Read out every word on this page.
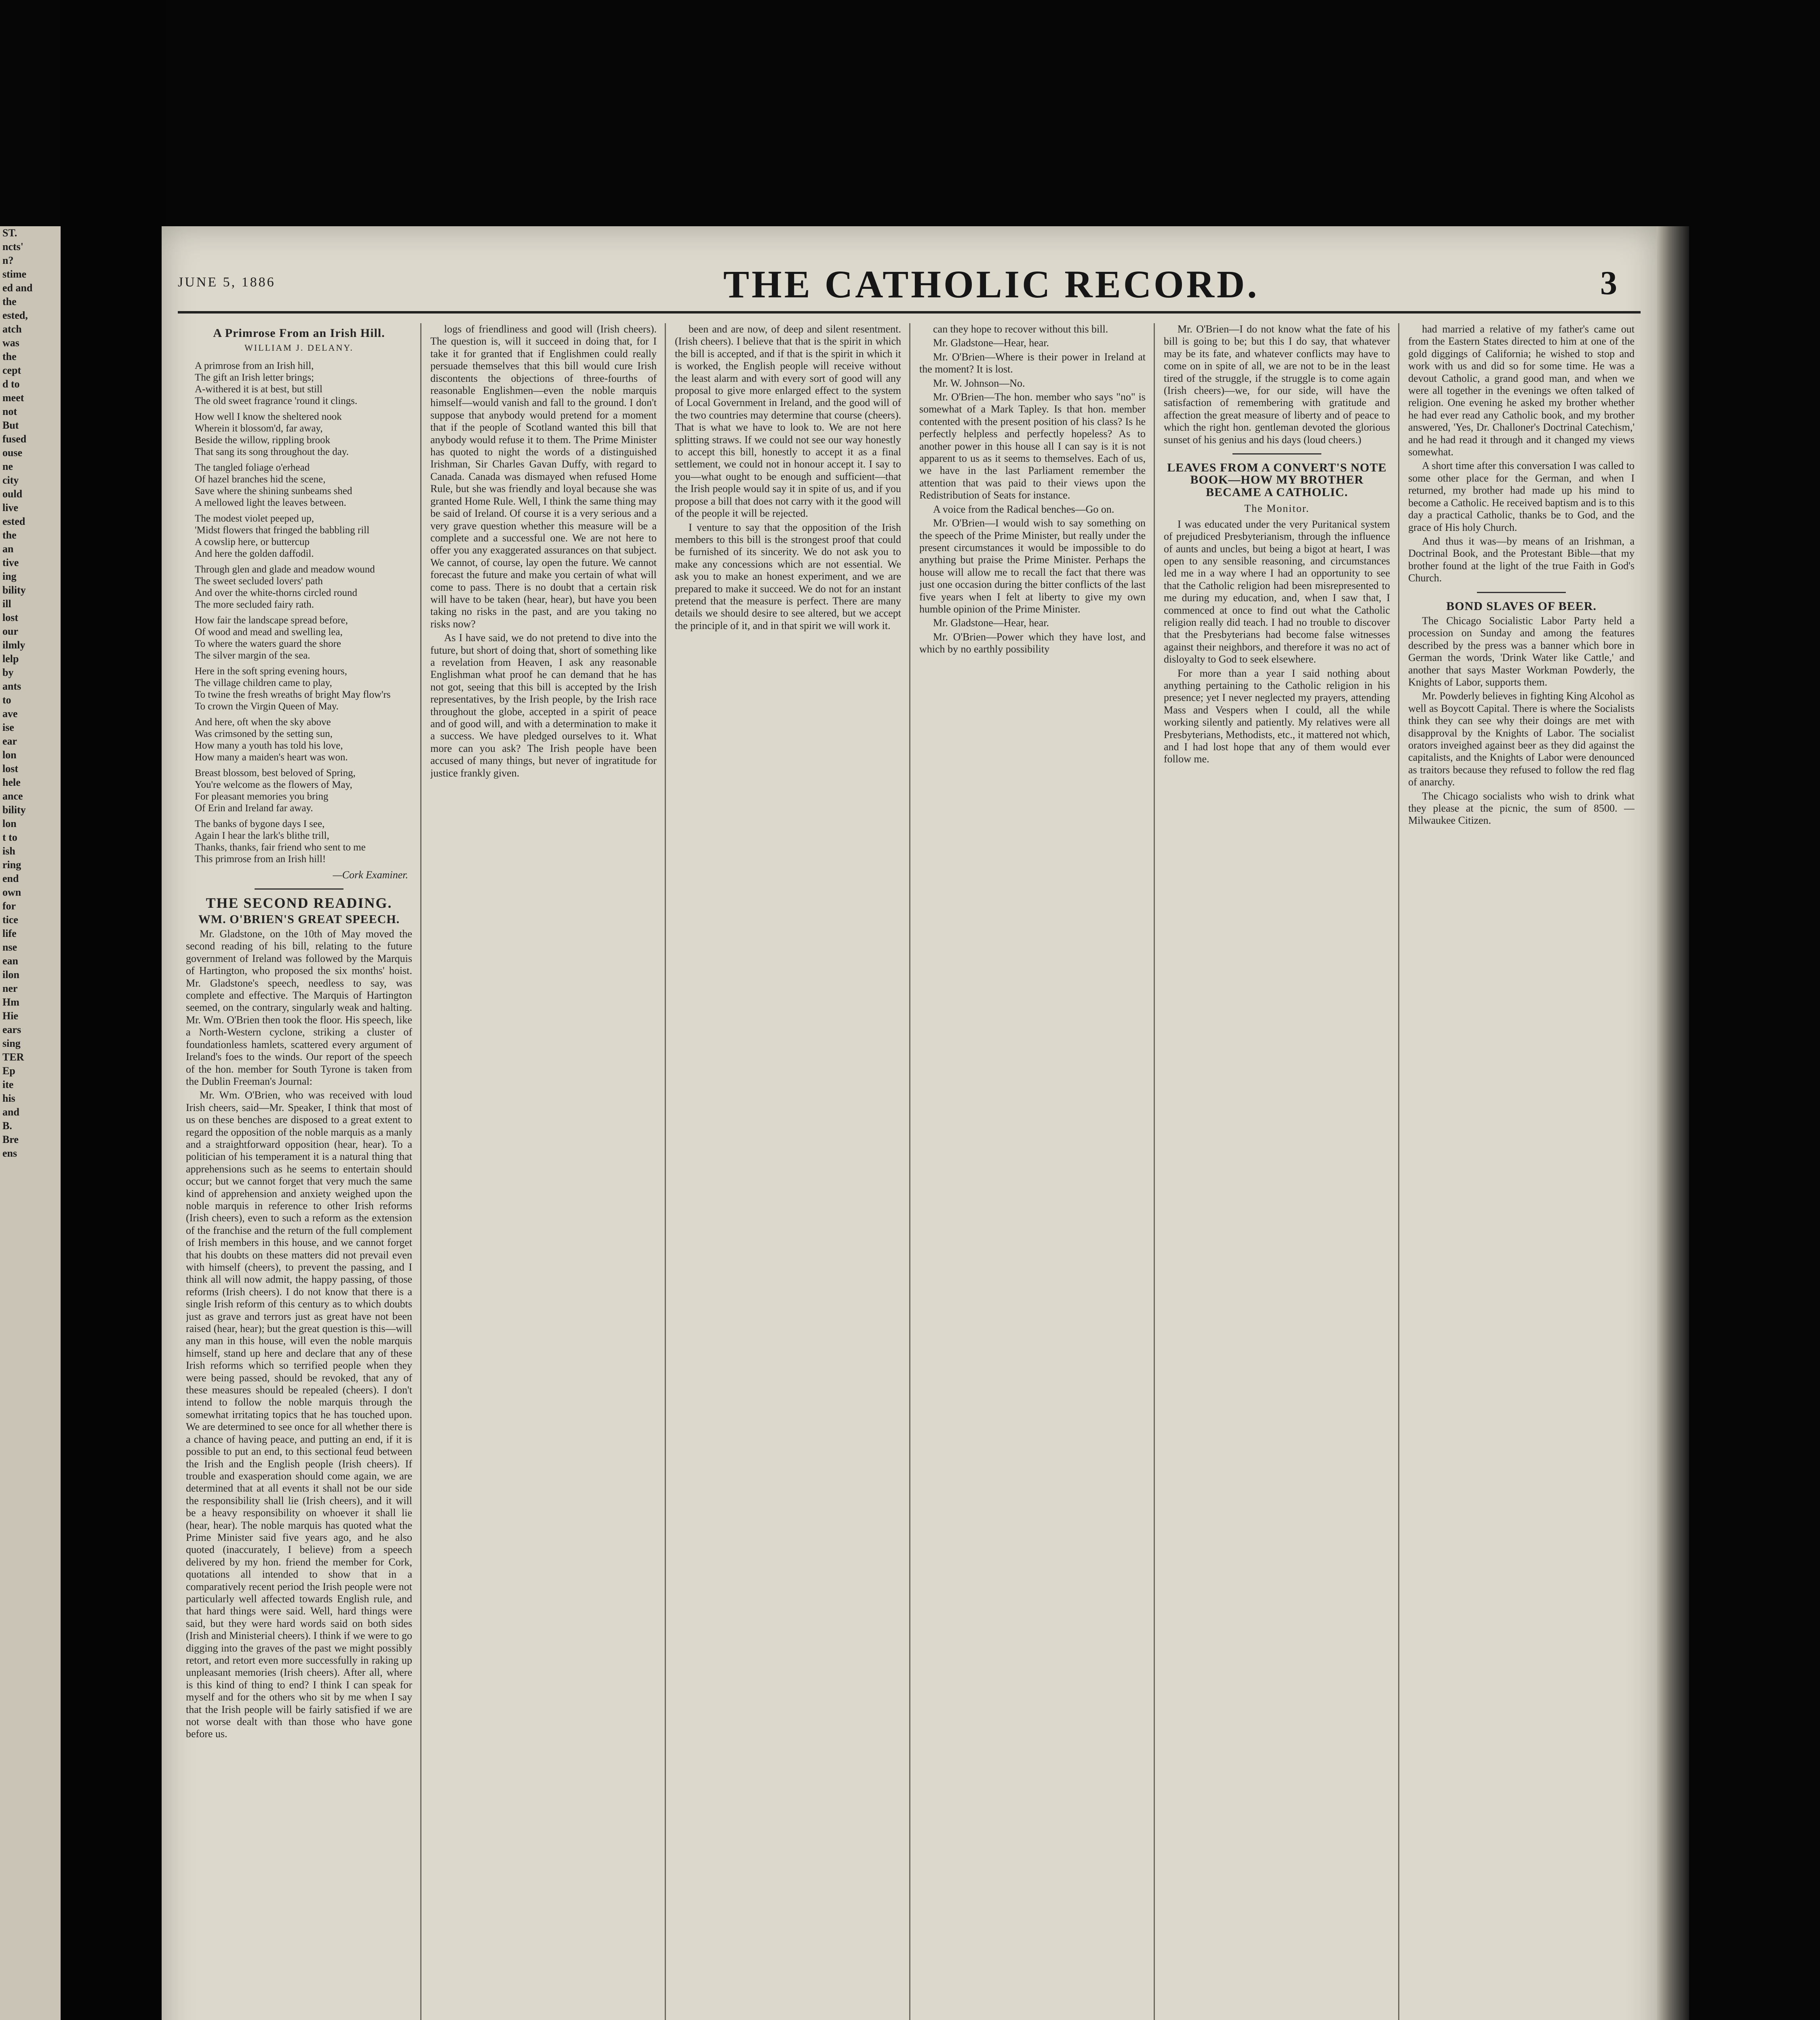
ST.
ncts'
n?
stime
ed and
the
ested,
atch
was
the
cept
d to
meet
not
But
fused
ouse
ne
city
ould
live
ested
the
an
tive
ing
bility
ill
lost
our
ilmly
lelp
by
ants
to
ave
ise
ear
lon
lost
hele
ance
bility
lon
t to
ish
ring
end
own
for
tice
life
nse
ean
ilon
ner
Hm
Hie
ears
sing
TER
Ep
ite
his
and
B.
Bre
ens
JUNE 5, 1886	THE CATHOLIC RECORD.	3
A Primrose From an Irish Hill.
WILLIAM J. DELANY.
A primrose from an Irish hill,
The gift an Irish letter brings;
A-withered it is at best, but still
The old sweet fragrance 'round it clings.
How well I know the sheltered nook
Wherein it blossom'd, far away,
Beside the willow, rippling brook
That sang its song throughout the day.
The tangled foliage o'erhead
Of hazel branches hid the scene,
Save where the shining sunbeams shed
A mellowed light the leaves between.
The modest violet peeped up,
'Midst flowers that fringed the babbling rill
A cowslip here, or buttercup
And here the golden daffodil.
Through glen and glade and meadow wound
The sweet secluded lovers' path
And over the white-thorns circled round
The more secluded fairy rath.
How fair the landscape spread before,
Of wood and mead and swelling lea,
To where the waters guard the shore
The silver margin of the sea.
Here in the soft spring evening hours,
The village children came to play,
To twine the fresh wreaths of bright May flow'rs
To crown the Virgin Queen of May.
And here, oft when the sky above
Was crimsoned by the setting sun,
How many a youth has told his love,
How many a maiden's heart was won.
Breast blossom, best beloved of Spring,
You're welcome as the flowers of May,
For pleasant memories you bring
Of Erin and Ireland far away.
The banks of bygone days I see,
Again I hear the lark's blithe trill,
Thanks, thanks, fair friend who sent to me
This primrose from an Irish hill!
—Cork Examiner.
THE SECOND READING.
WM. O'BRIEN'S GREAT SPEECH.

Mr. Gladstone, on the 10th of May moved the second reading of his bill, relating to the future government of Ireland was followed by the Marquis of Hartington, who proposed the six months' hoist. Mr. Gladstone's speech, needless to say, was complete and effective. The Marquis of Hartington seemed, on the contrary, singularly weak and halting. Mr. Wm. O'Brien then took the floor. His speech, like a North-Western cyclone, striking a cluster of foundationless hamlets, scattered every argument of Ireland's foes to the winds. Our report of the speech of the hon. member for South Tyrone is taken from the Dublin Freeman's Journal:

Mr. Wm. O'Brien, who was received with loud Irish cheers, said—Mr. Speaker, I think that most of us on these benches are disposed to a great extent to regard the opposition of the noble marquis as a manly and a straightforward opposition (hear, hear). To a politician of his temperament it is a natural thing that apprehensions such as he seems to entertain should occur; but we cannot forget that very much the same kind of apprehension and anxiety weighed upon the noble marquis in reference to other Irish reforms (Irish cheers), even to such a reform as the extension of the franchise and the return of the full complement of Irish members in this house, and we cannot forget that his doubts on these matters did not prevail even with himself (cheers), to prevent the passing, and I think all will now admit, the happy passing, of those reforms (Irish cheers). I do not know that there is a single Irish reform of this century as to which doubts just as grave and terrors just as great have not been raised (hear, hear); but the great question is this—will any man in this house, will even the noble marquis himself, stand up here and declare that any of these Irish reforms which so terrified people when they were being passed, should be revoked, that any of these measures should be repealed (cheers). I don't intend to follow the noble marquis through the somewhat irritating topics that he has touched upon. We are determined to see once for all whether there is a chance of having peace, and putting an end, if it is possible to put an end, to this sectional feud between the Irish and the English people (Irish cheers). If trouble and exasperation should come again, we are determined that at all events it shall not be our side the responsibility shall lie (Irish cheers), and it will be a heavy responsibility on whoever it shall lie (hear, hear). The noble marquis has quoted what the Prime Minister said five years ago, and he also quoted (inaccurately, I believe) from a speech delivered by my hon. friend the member for Cork, quotations all intended to show that in a comparatively recent period the Irish people were not particularly well affected towards English rule, and that hard things were said. Well, hard things were said, but they were hard words said on both sides (Irish and Ministerial cheers). I think if we were to go digging into the graves of the past we might possibly retort, and retort even more successfully in raking up unpleasant memories (Irish cheers). After all, where is this kind of thing to end? I think I can speak for myself and for the others who sit by me when I say that the Irish people will be fairly satisfied if we are not worse dealt with than those who have gone before us.

logs of friendliness and good will (Irish cheers). The question is, will it succeed in doing that, for I take it for granted that if Englishmen could really persuade themselves that this bill would cure Irish discontents the objections of three-fourths of reasonable Englishmen—even the noble marquis himself—would vanish and fall to the ground. I don't suppose that anybody would pretend for a moment that if the people of Scotland wanted this bill that anybody would refuse it to them. The Prime Minister has quoted to night the words of a distinguished Irishman, Sir Charles Gavan Duffy, with regard to Canada. Canada was dismayed when refused Home Rule, but she was friendly and loyal because she was granted Home Rule. Well, I think the same thing may be said of Ireland. Of course it is a very serious and a very grave question whether this measure will be a complete and a successful one. We are not here to offer you any exaggerated assurances on that subject. We cannot, of course, lay open the future. We cannot forecast the future and make you certain of what will come to pass. There is no doubt that a certain risk will have to be taken (hear, hear), but have you been taking no risks in the past, and are you taking no risks now?

As I have said, we do not pretend to dive into the future, but short of doing that, short of something like a revelation from Heaven, I ask any reasonable Englishman what proof he can demand that he has not got, seeing that this bill is accepted by the Irish representatives, by the Irish people, by the Irish race throughout the globe, accepted in a spirit of peace and of good will, and with a determination to make it a success. We have pledged ourselves to it. What more can you ask? The Irish people have been accused of many things, but never of ingratitude for justice frankly given.

been and are now, of deep and silent resentment. (Irish cheers). I believe that that is the spirit in which the bill is accepted, and if that is the spirit in which it is worked, the English people will receive without the least alarm and with every sort of good will any proposal to give more enlarged effect to the system of Local Government in Ireland, and the good will of the two countries may determine that course (cheers). That is what we have to look to. We are not here splitting straws. If we could not see our way honestly to accept this bill, honestly to accept it as a final settlement, we could not in honour accept it. I say to you—what ought to be enough and sufficient—that the Irish people would say it in spite of us, and if you propose a bill that does not carry with it the good will of the people it will be rejected.

I venture to say that the opposition of the Irish members to this bill is the strongest proof that could be furnished of its sincerity. We do not ask you to make any concessions which are not essential. We ask you to make an honest experiment, and we are prepared to make it succeed. We do not for an instant pretend that the measure is perfect. There are many details we should desire to see altered, but we accept the principle of it, and in that spirit we will work it.

can they hope to recover without this bill.

Mr. Gladstone—Hear, hear.

Mr. O'Brien—Where is their power in Ireland at the moment? It is lost.

Mr. W. Johnson—No.

Mr. O'Brien—The hon. member who says "no" is somewhat of a Mark Tapley. Is that hon. member contented with the present position of his class? Is he perfectly helpless and perfectly hopeless? As to another power in this house all I can say is it is not apparent to us as it seems to themselves. Each of us, we have in the last Parliament remember the attention that was paid to their views upon the Redistribution of Seats for instance.

A voice from the Radical benches—Go on.

Mr. O'Brien—I would wish to say something on the speech of the Prime Minister, but really under the present circumstances it would be impossible to do anything but praise the Prime Minister. Perhaps the house will allow me to recall the fact that there was just one occasion during the bitter conflicts of the last five years when I felt at liberty to give my own humble opinion of the Prime Minister.

Mr. Gladstone—Hear, hear.

Mr. O'Brien—Power which they have lost, and which by no earthly possibility

Mr. O'Brien—I do not know what the fate of his bill is going to be; but this I do say, that whatever may be its fate, and whatever conflicts may have to come on in spite of all, we are not to be in the least tired of the struggle, if the struggle is to come again (Irish cheers)—we, for our side, will have the satisfaction of remembering with gratitude and affection the great measure of liberty and of peace to which the right hon. gentleman devoted the glorious sunset of his genius and his days (loud cheers.)

LEAVES FROM A CONVERT'S NOTE BOOK—HOW MY BROTHER BECAME A CATHOLIC.
The Monitor.

I was educated under the very Puritanical system of prejudiced Presbyterianism, through the influence of aunts and uncles, but being a bigot at heart, I was open to any sensible reasoning, and circumstances led me in a way where I had an opportunity to see that the Catholic religion had been misrepresented to me during my education, and, when I saw that, I commenced at once to find out what the Catholic religion really did teach. I had no trouble to discover that the Presbyterians had become false witnesses against their neighbors, and therefore it was no act of disloyalty to God to seek elsewhere.

For more than a year I said nothing about anything pertaining to the Catholic religion in his presence; yet I never neglected my prayers, attending Mass and Vespers when I could, all the while working silently and patiently. My relatives were all Presbyterians, Methodists, etc., it mattered not which, and I had lost hope that any of them would ever follow me.

had married a relative of my father's came out from the Eastern States directed to him at one of the gold diggings of California; he wished to stop and work with us and did so for some time. He was a devout Catholic, a grand good man, and when we were all together in the evenings we often talked of religion. One evening he asked my brother whether he had ever read any Catholic book, and my brother answered, 'Yes, Dr. Challoner's Doctrinal Catechism,' and he had read it through and it changed my views somewhat.

A short time after this conversation I was called to some other place for the German, and when I returned, my brother had made up his mind to become a Catholic. He received baptism and is to this day a practical Catholic, thanks be to God, and the grace of His holy Church.

And thus it was—by means of an Irishman, a Doctrinal Book, and the Protestant Bible—that my brother found at the light of the true Faith in God's Church.

BOND SLAVES OF BEER.

The Chicago Socialistic Labor Party held a procession on Sunday and among the features described by the press was a banner which bore in German the words, 'Drink Water like Cattle,' and another that says Master Workman Powderly, the Knights of Labor, supports them.

Mr. Powderly believes in fighting King Alcohol as well as Boycott Capital. There is where the Socialists think they can see why their doings are met with disapproval by the Knights of Labor. The socialist orators inveighed against beer as they did against the capitalists, and the Knights of Labor were denounced as traitors because they refused to follow the red flag of anarchy.

The Chicago socialists who wish to drink what they please at the picnic, the sum of 8500. —Milwaukee Citizen.
